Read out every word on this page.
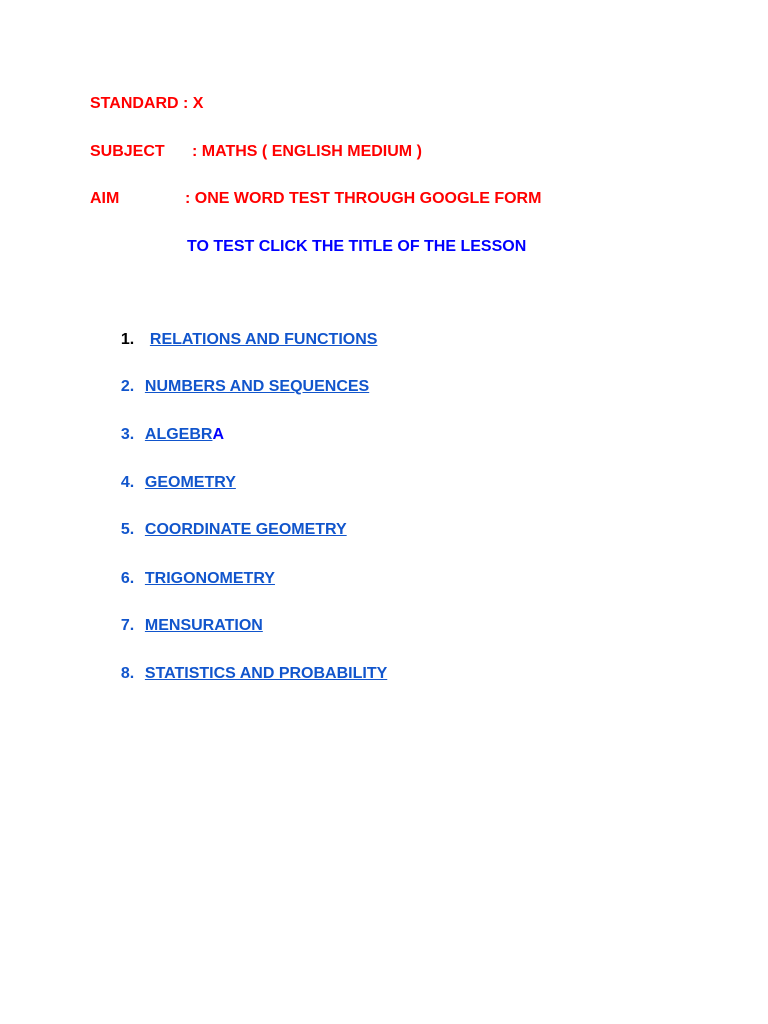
STANDARD : X

SUBJECT

: MATHS ( ENGLISH MEDIUM )

AIM

	: ONE WORD TEST THROUGH GOOGLE FORM

TO TEST CLICK THE TITLE OF THE LESSON

1. RELATIONS AND FUNCTIONS

2. NUMBERS AND SEQUENCES

3. ALGEBRA

4. GEOMETRY

5. COORDINATE GEOMETRY

6. TRIGONOMETRY

7. MENSURATION

8. STATISTICS AND PROBABILITY
